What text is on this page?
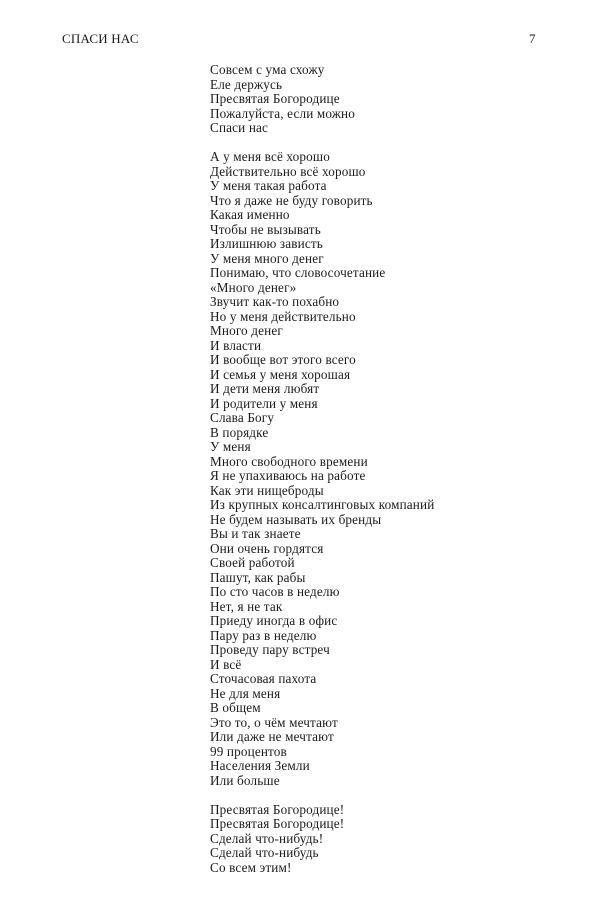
СПАСИ НАС	7
Совсем с ума схожу
Еле держусь
Пресвятая Богородице
Пожалуйста, если можно
Спаси нас
А у меня всё хорошо
Действительно всё хорошо
У меня такая работа
Что я даже не буду говорить
Какая именно
Чтобы не вызывать
Излишнюю зависть
У меня много денег
Понимаю, что словосочетание
«Много денег»
Звучит как-то похабно
Но у меня действительно
Много денег
И власти
И вообще вот этого всего
И семья у меня хорошая
И дети меня любят
И родители у меня
Слава Богу
В порядке
У меня
Много свободного времени
Я не упахиваюсь на работе
Как эти нищеброды
Из крупных консалтинговых компаний
Не будем называть их бренды
Вы и так знаете
Они очень гордятся
Своей работой
Пашут, как рабы
По сто часов в неделю
Нет, я не так
Приеду иногда в офис
Пару раз в неделю
Проведу пару встреч
И всё
Сточасовая пахота
Не для меня
В общем
Это то, о чём мечтают
Или даже не мечтают
99 процентов
Населения Земли
Или больше
Пресвятая Богородице!
Пресвятая Богородице!
Сделай что-нибудь!
Сделай что-нибудь
Со всем этим!
